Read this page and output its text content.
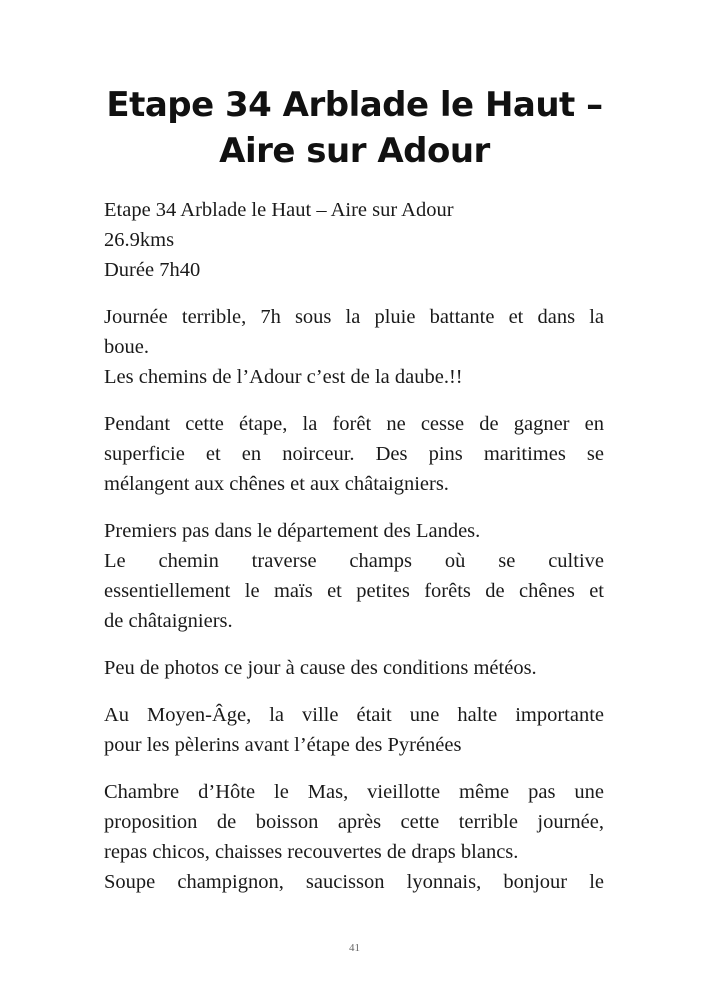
Etape 34 Arblade le Haut –
Aire sur Adour

Etape 34 Arblade le Haut – Aire sur Adour
26.9kms
Durée 7h40

Journée terrible, 7h sous la pluie battante et dans la
boue.
Les chemins de l’Adour c’est de la daube.!!

Pendant cette étape, la forêt ne cesse de gagner en
superficie et en noirceur. Des pins maritimes se
mélangent aux chênes et aux châtaigniers.

Premiers pas dans le département des Landes.
Le chemin traverse champs où se cultive
essentiellement le maïs et petites forêts de chênes et
de châtaigniers.

Peu de photos ce jour à cause des conditions météos.

Au Moyen-Âge, la ville était une halte importante
pour les pèlerins avant l’étape des Pyrénées

Chambre d’Hôte le Mas, vieillotte même pas une
proposition de boisson après cette terrible journée,
repas chicos, chaisses recouvertes de draps blancs.
Soupe champignon, saucisson lyonnais, bonjour le

41
